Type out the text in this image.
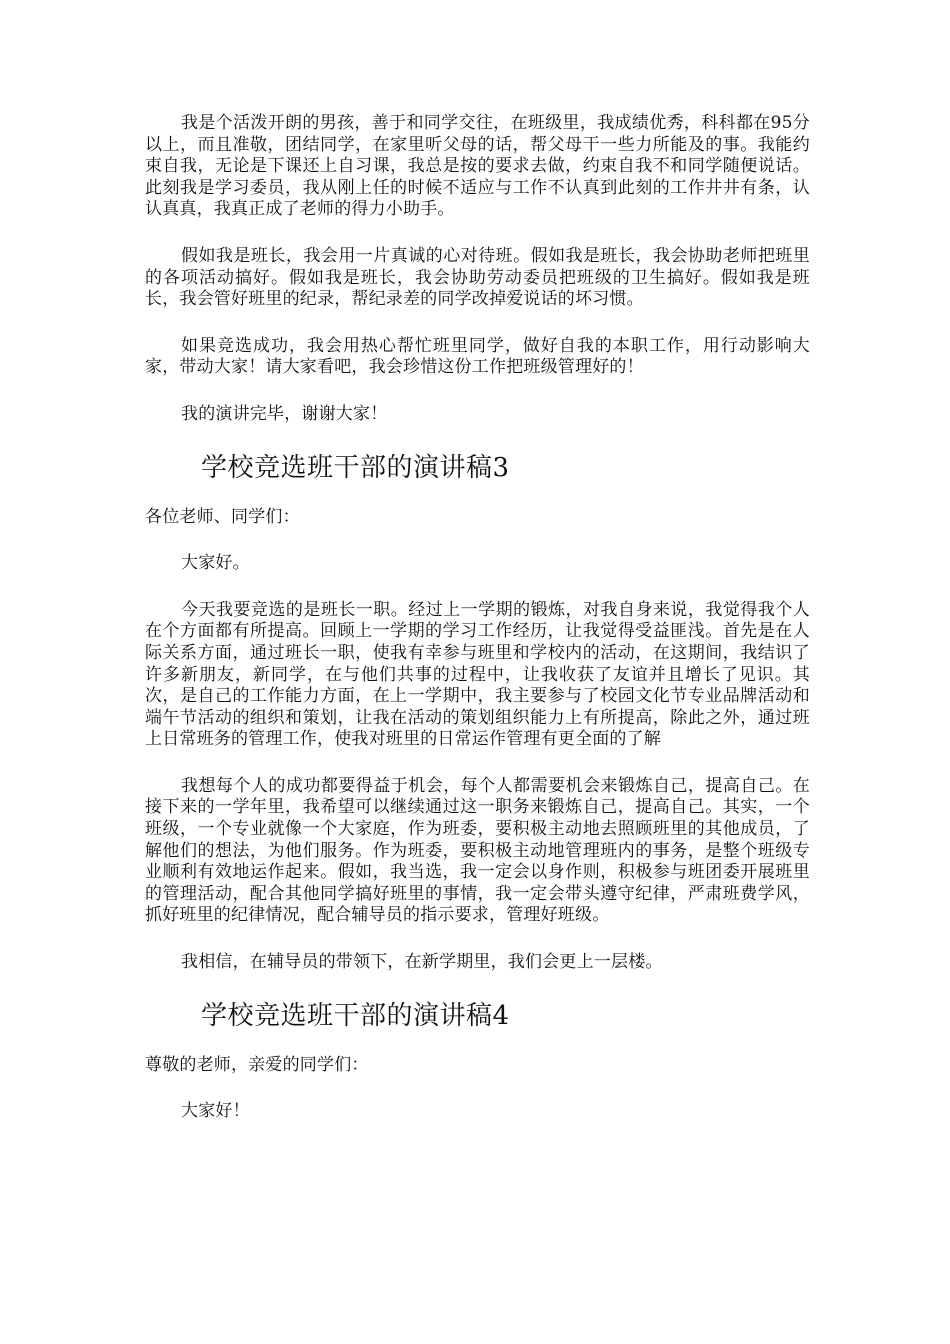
我是个活泼开朗的男孩，善于和同学交往，在班级里，我成绩优秀，科科都在95分以上，而且准敬，团结同学，在家里听父母的话，帮父母干一些力所能及的事。我能约束自我，无论是下课还上自习课，我总是按的要求去做，约束自我不和同学随便说话。此刻我是学习委员，我从刚上任的时候不适应与工作不认真到此刻的工作井井有条，认认真真，我真正成了老师的得力小助手。

假如我是班长，我会用一片真诚的心对待班。假如我是班长，我会协助老师把班里的各项活动搞好。假如我是班长，我会协助劳动委员把班级的卫生搞好。假如我是班长，我会管好班里的纪录，帮纪录差的同学改掉爱说话的坏习惯。

如果竞选成功，我会用热心帮忙班里同学，做好自我的本职工作，用行动影响大家，带动大家！请大家看吧，我会珍惜这份工作把班级管理好的！

我的演讲完毕，谢谢大家！

学校竞选班干部的演讲稿3

各位老师、同学们：

大家好。

今天我要竞选的是班长一职。经过上一学期的锻炼，对我自身来说，我觉得我个人在个方面都有所提高。回顾上一学期的学习工作经历，让我觉得受益匪浅。首先是在人际关系方面，通过班长一职，使我有幸参与班里和学校内的活动，在这期间，我结识了许多新朋友，新同学，在与他们共事的过程中，让我收获了友谊并且增长了见识。其次，是自己的工作能力方面，在上一学期中，我主要参与了校园文化节专业品牌活动和端午节活动的组织和策划，让我在活动的策划组织能力上有所提高，除此之外，通过班上日常班务的管理工作，使我对班里的日常运作管理有更全面的了解

我想每个人的成功都要得益于机会，每个人都需要机会来锻炼自己，提高自己。在接下来的一学年里，我希望可以继续通过这一职务来锻炼自己，提高自己。其实，一个班级，一个专业就像一个大家庭，作为班委，要积极主动地去照顾班里的其他成员，了解他们的想法，为他们服务。作为班委，要积极主动地管理班内的事务，是整个班级专业顺利有效地运作起来。假如，我当选，我一定会以身作则，积极参与班团委开展班里的管理活动，配合其他同学搞好班里的事情，我一定会带头遵守纪律，严肃班费学风，抓好班里的纪律情况，配合辅导员的指示要求，管理好班级。

我相信，在辅导员的带领下，在新学期里，我们会更上一层楼。

学校竞选班干部的演讲稿4

尊敬的老师，亲爱的同学们：

大家好！
